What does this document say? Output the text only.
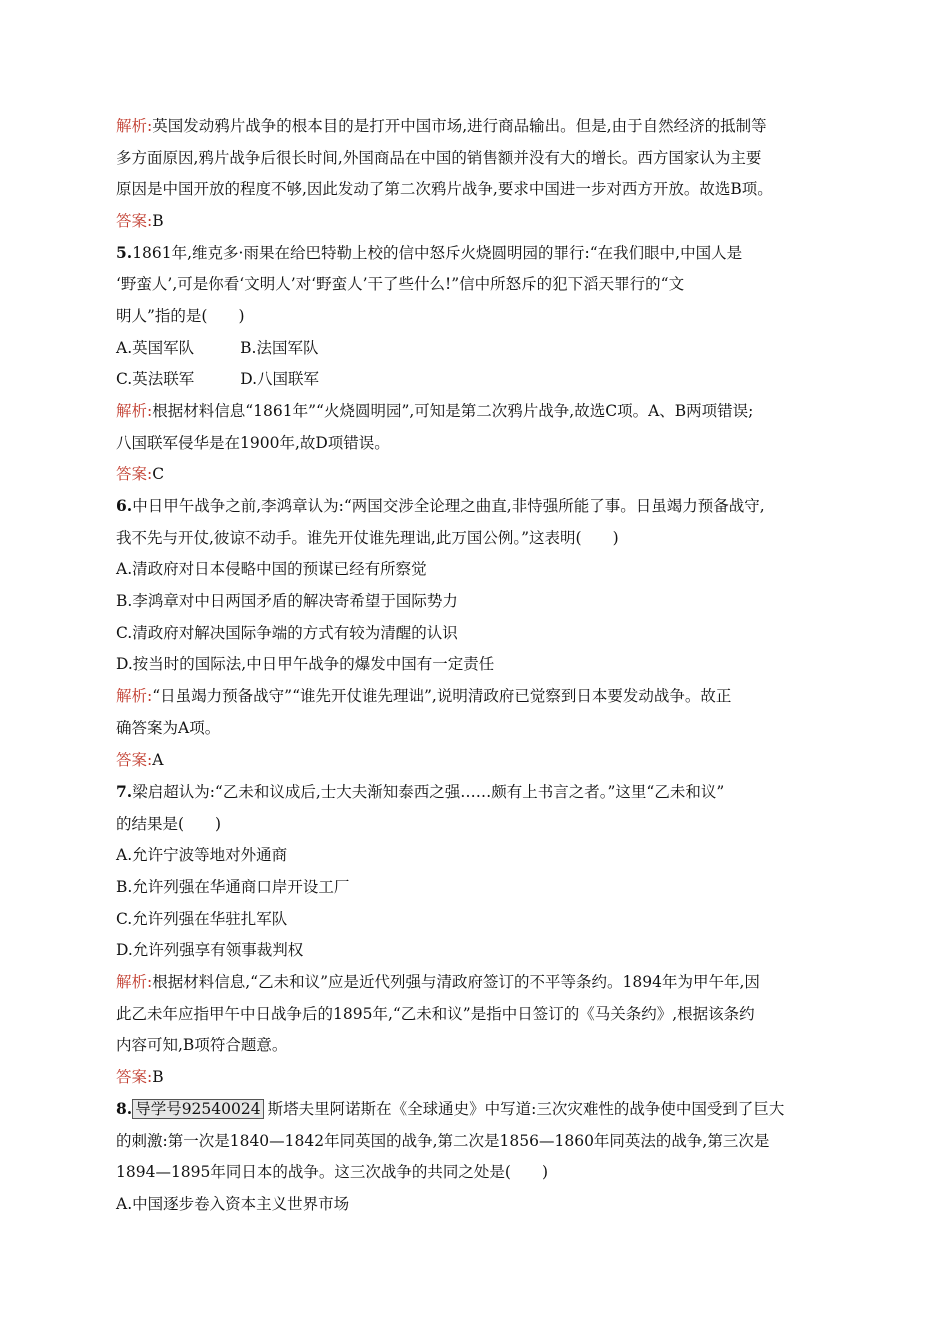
解析:英国发动鸦片战争的根本目的是打开中国市场,进行商品输出。但是,由于自然经济的抵制等
多方面原因,鸦片战争后很长时间,外国商品在中国的销售额并没有大的增长。西方国家认为主要
原因是中国开放的程度不够,因此发动了第二次鸦片战争,要求中国进一步对西方开放。故选B项。
答案:B
5.1861年,维克多·雨果在给巴特勒上校的信中怒斥火烧圆明园的罪行:“在我们眼中,中国人是
‘野蛮人’,可是你看‘文明人’对‘野蛮人’干了些什么!”信中所怒斥的犯下滔天罪行的“文
明人”指的是(　　)
A.英国军队	B.法国军队
C.英法联军	D.八国联军
解析:根据材料信息“1861年”“火烧圆明园”,可知是第二次鸦片战争,故选C项。A、B两项错误;
八国联军侵华是在1900年,故D项错误。
答案:C
6.中日甲午战争之前,李鸿章认为:“两国交涉全论理之曲直,非恃强所能了事。日虽竭力预备战守,
我不先与开仗,彼谅不动手。谁先开仗谁先理诎,此万国公例。”这表明(　　)
A.清政府对日本侵略中国的预谋已经有所察觉
B.李鸿章对中日两国矛盾的解决寄希望于国际势力
C.清政府对解决国际争端的方式有较为清醒的认识
D.按当时的国际法,中日甲午战争的爆发中国有一定责任
解析:“日虽竭力预备战守”“谁先开仗谁先理诎”,说明清政府已觉察到日本要发动战争。故正
确答案为A项。
答案:A
7.梁启超认为:“乙未和议成后,士大夫渐知泰西之强……颇有上书言之者。”这里“乙未和议”
的结果是(　　)
A.允许宁波等地对外通商
B.允许列强在华通商口岸开设工厂
C.允许列强在华驻扎军队
D.允许列强享有领事裁判权
解析:根据材料信息,“乙未和议”应是近代列强与清政府签订的不平等条约。1894年为甲午年,因
此乙未年应指甲午中日战争后的1895年,“乙未和议”是指中日签订的《马关条约》,根据该条约
内容可知,B项符合题意。
答案:B
8. 导学号92540024 斯塔夫里阿诺斯在《全球通史》中写道:三次灾难性的战争使中国受到了巨大
的刺激:第一次是1840—1842年同英国的战争,第二次是1856—1860年同英法的战争,第三次是
1894—1895年同日本的战争。这三次战争的共同之处是(　　)
A.中国逐步卷入资本主义世界市场
